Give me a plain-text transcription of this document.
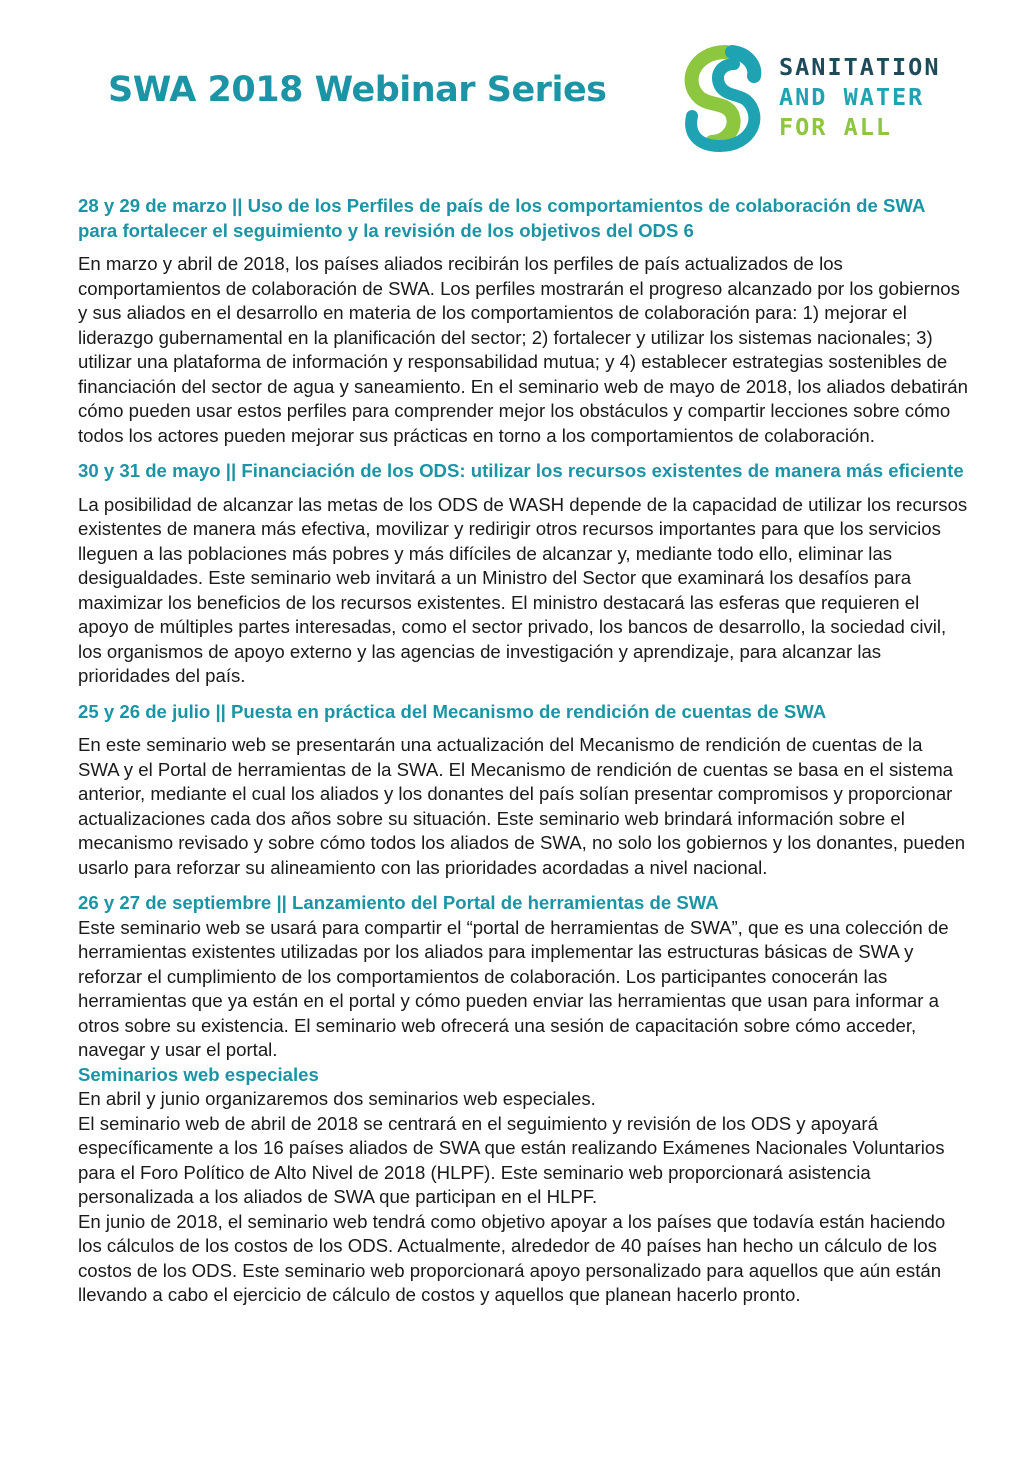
SWA 2018 Webinar Series
SANITATION
AND WATER
FOR ALL
28 y 29 de marzo || Uso de los Perfiles de país de los comportamientos de colaboración de SWA para fortalecer el seguimiento y la revisión de los objetivos del ODS 6

En marzo y abril de 2018, los países aliados recibirán los perfiles de país actualizados de los comportamientos de colaboración de SWA. Los perfiles mostrarán el progreso alcanzado por los gobiernos y sus aliados en el desarrollo en materia de los comportamientos de colaboración para: 1) mejorar el liderazgo gubernamental en la planificación del sector; 2) fortalecer y utilizar los sistemas nacionales; 3) utilizar una plataforma de información y responsabilidad mutua; y 4) establecer estrategias sostenibles de financiación del sector de agua y saneamiento. En el seminario web de mayo de 2018, los aliados debatirán cómo pueden usar estos perfiles para comprender mejor los obstáculos y compartir lecciones sobre cómo todos los actores pueden mejorar sus prácticas en torno a los comportamientos de colaboración.

30 y 31 de mayo || Financiación de los ODS: utilizar los recursos existentes de manera más eficiente

La posibilidad de alcanzar las metas de los ODS de WASH depende de la capacidad de utilizar los recursos existentes de manera más efectiva, movilizar y redirigir otros recursos importantes para que los servicios lleguen a las poblaciones más pobres y más difíciles de alcanzar y, mediante todo ello, eliminar las desigualdades. Este seminario web invitará a un Ministro del Sector que examinará los desafíos para maximizar los beneficios de los recursos existentes. El ministro destacará las esferas que requieren el apoyo de múltiples partes interesadas, como el sector privado, los bancos de desarrollo, la sociedad civil, los organismos de apoyo externo y las agencias de investigación y aprendizaje, para alcanzar las prioridades del país.

25 y 26 de julio || Puesta en práctica del Mecanismo de rendición de cuentas de SWA

En este seminario web se presentarán una actualización del Mecanismo de rendición de cuentas de la SWA y el Portal de herramientas de la SWA. El Mecanismo de rendición de cuentas se basa en el sistema anterior, mediante el cual los aliados y los donantes del país solían presentar compromisos y proporcionar actualizaciones cada dos años sobre su situación. Este seminario web brindará información sobre el mecanismo revisado y sobre cómo todos los aliados de SWA, no solo los gobiernos y los donantes, pueden usarlo para reforzar su alineamiento con las prioridades acordadas a nivel nacional.

26 y 27 de septiembre || Lanzamiento del Portal de herramientas de SWA

Este seminario web se usará para compartir el “portal de herramientas de SWA”, que es una colección de herramientas existentes utilizadas por los aliados para implementar las estructuras básicas de SWA y reforzar el cumplimiento de los comportamientos de colaboración. Los participantes conocerán las herramientas que ya están en el portal y cómo pueden enviar las herramientas que usan para informar a otros sobre su existencia. El seminario web ofrecerá una sesión de capacitación sobre cómo acceder, navegar y usar el portal.

Seminarios web especiales

En abril y junio organizaremos dos seminarios web especiales.

El seminario web de abril de 2018 se centrará en el seguimiento y revisión de los ODS y apoyará específicamente a los 16 países aliados de SWA que están realizando Exámenes Nacionales Voluntarios para el Foro Político de Alto Nivel de 2018 (HLPF). Este seminario web proporcionará asistencia personalizada a los aliados de SWA que participan en el HLPF.

En junio de 2018, el seminario web tendrá como objetivo apoyar a los países que todavía están haciendo los cálculos de los costos de los ODS. Actualmente, alrededor de 40 países han hecho un cálculo de los costos de los ODS. Este seminario web proporcionará apoyo personalizado para aquellos que aún están llevando a cabo el ejercicio de cálculo de costos y aquellos que planean hacerlo pronto.
